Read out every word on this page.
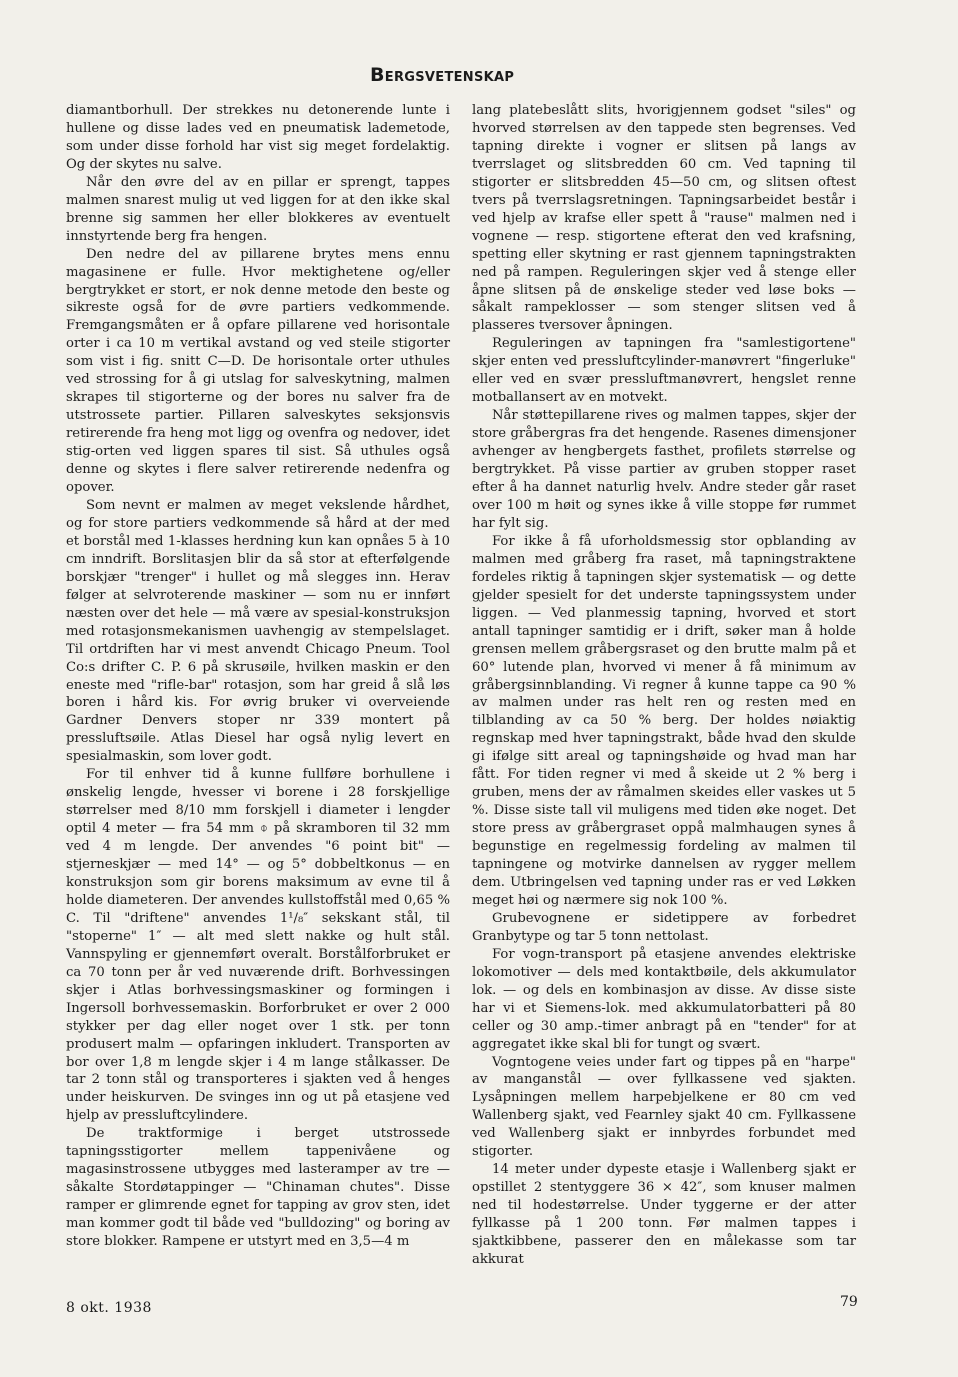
Bergsvetenskap

diamantborhull. Der strekkes nu detonerende lunte i hullene og disse lades ved en pneumatisk lademetode, som under disse forhold har vist sig meget fordelaktig. Og der skytes nu salve.

Når den øvre del av en pillar er sprengt, tappes malmen snarest mulig ut ved liggen for at den ikke skal brenne sig sammen her eller blokkeres av eventuelt innstyrtende berg fra hengen.

Den nedre del av pillarene brytes mens ennu magasinene er fulle. Hvor mektighetene og/eller bergtrykket er stort, er nok denne metode den beste og sikreste også for de øvre partiers vedkommende. Fremgangsmåten er å opfare pillarene ved horisontale orter i ca 10 m vertikal avstand og ved steile stigorter som vist i fig. snitt C—D. De horisontale orter uthules ved strossing for å gi utslag for salveskytning, malmen skrapes til stigorterne og der bores nu salver fra de utstrossete partier. Pillaren salveskytes seksjonsvis retirerende fra heng mot ligg og ovenfra og nedover, idet stig-orten ved liggen spares til sist. Så uthules også denne og skytes i flere salver retirerende nedenfra og opover.

Som nevnt er malmen av meget vekslende hårdhet, og for store partiers vedkommende så hård at der med et borstål med 1-klasses herdning kun kan opnåes 5 à 10 cm inndrift. Borslitasjen blir da så stor at efterfølgende borskjær "trenger" i hullet og må slegges inn. Herav følger at selvroterende maskiner — som nu er innført næsten over det hele — må være av spesial-konstruksjon med rotasjonsmekanismen uavhengig av stempelslaget. Til ortdriften har vi mest anvendt Chicago Pneum. Tool Co:s drifter C. P. 6 på skrusøile, hvilken maskin er den eneste med "rifle-bar" rotasjon, som har greid å slå løs boren i hård kis. For øvrig bruker vi overveiende Gardner Denvers stoper nr 339 montert på pressluftsøile. Atlas Diesel har også nylig levert en spesialmaskin, som lover godt.

For til enhver tid å kunne fullføre borhullene i ønskelig lengde, hvesser vi borene i 28 forskjellige størrelser med 8/10 mm forskjell i diameter i lengder optil 4 meter — fra 54 mm ⌽ på skramboren til 32 mm ved 4 m lengde. Der anvendes "6 point bit" — stjerneskjær — med 14° — og 5° dobbeltkonus — en konstruksjon som gir borens maksimum av evne til å holde diameteren. Der anvendes kullstoffstål med 0,65 % C. Til "driftene" anvendes 1¹/₈″ sekskant stål, til "stoperne" 1″ — alt med slett nakke og hult stål. Vannspyling er gjennemført overalt. Borstålforbruket er ca 70 tonn per år ved nuværende drift. Borhvessingen skjer i Atlas borhvessingsmaskiner og formingen i Ingersoll borhvessemaskin. Borforbruket er over 2 000 stykker per dag eller noget over 1 stk. per tonn produsert malm — opfaringen inkludert. Transporten av bor over 1,8 m lengde skjer i 4 m lange stålkasser. De tar 2 tonn stål og transporteres i sjakten ved å henges under heiskurven. De svinges inn og ut på etasjene ved hjelp av pressluftcylindere.

De traktformige i berget utstrossede tapningsstigorter mellem tappenivåene og magasinstrossene utbygges med lasteramper av tre — såkalte Stordøtappinger — "Chinaman chutes". Disse ramper er glimrende egnet for tapping av grov sten, idet man kommer godt til både ved "bulldozing" og boring av store blokker. Rampene er utstyrt med en 3,5—4 m

lang platebeslått slits, hvorigjennem godset "siles" og hvorved størrelsen av den tappede sten begrenses. Ved tapning direkte i vogner er slitsen på langs av tverrslaget og slitsbredden 60 cm. Ved tapning til stigorter er slitsbredden 45—50 cm, og slitsen oftest tvers på tverrslagsretningen. Tapningsarbeidet består i ved hjelp av krafse eller spett å "rause" malmen ned i vognene — resp. stigortene efterat den ved krafsning, spetting eller skytning er rast gjennem tapningstrakten ned på rampen. Reguleringen skjer ved å stenge eller åpne slitsen på de ønskelige steder ved løse boks — såkalt rampeklosser — som stenger slitsen ved å plasseres tversover åpningen.

Reguleringen av tapningen fra "samlestigortene" skjer enten ved pressluftcylinder-manøvrert "fingerluke" eller ved en svær pressluftmanøvrert, hengslet renne motballansert av en motvekt.

Når støttepillarene rives og malmen tappes, skjer der store gråbergras fra det hengende. Rasenes dimensjoner avhenger av hengbergets fasthet, profilets størrelse og bergtrykket. På visse partier av gruben stopper raset efter å ha dannet naturlig hvelv. Andre steder går raset over 100 m høit og synes ikke å ville stoppe før rummet har fylt sig.

For ikke å få uforholdsmessig stor opblanding av malmen med gråberg fra raset, må tapningstraktene fordeles riktig å tapningen skjer systematisk — og dette gjelder spesielt for det underste tapningssystem under liggen. — Ved planmessig tapning, hvorved et stort antall tapninger samtidig er i drift, søker man å holde grensen mellem gråbergsraset og den brutte malm på et 60° lutende plan, hvorved vi mener å få minimum av gråbergsinnblanding. Vi regner å kunne tappe ca 90 % av malmen under ras helt ren og resten med en tilblanding av ca 50 % berg. Der holdes nøiaktig regnskap med hver tapningstrakt, både hvad den skulde gi ifølge sitt areal og tapningshøide og hvad man har fått. For tiden regner vi med å skeide ut 2 % berg i gruben, mens der av råmalmen skeides eller vaskes ut 5 %. Disse siste tall vil muligens med tiden øke noget. Det store press av gråbergraset oppå malmhaugen synes å begunstige en regelmessig fordeling av malmen til tapningene og motvirke dannelsen av rygger mellem dem. Utbringelsen ved tapning under ras er ved Løkken meget høi og nærmere sig nok 100 %.

Grubevognene er sidetippere av forbedret Granbytype og tar 5 tonn nettolast.

For vogn-transport på etasjene anvendes elektriske lokomotiver — dels med kontaktbøile, dels akkumulator lok. — og dels en kombinasjon av disse. Av disse siste har vi et Siemens-lok. med akkumulatorbatteri på 80 celler og 30 amp.-timer anbragt på en "tender" for at aggregatet ikke skal bli for tungt og svært.

Vogntogene veies under fart og tippes på en "harpe" av manganstål — over fyllkassene ved sjakten. Lysåpningen mellem harpebjelkene er 80 cm ved Wallenberg sjakt, ved Fearnley sjakt 40 cm. Fyllkassene ved Wallenberg sjakt er innbyrdes forbundet med stigorter.

14 meter under dypeste etasje i Wallenberg sjakt er opstillet 2 stentyggere 36 × 42″, som knuser malmen ned til hodestørrelse. Under tyggerne er der atter fyllkasse på 1 200 tonn. Før malmen tappes i sjaktkibbene, passerer den en målekasse som tar akkurat

8 okt. 1938	79
